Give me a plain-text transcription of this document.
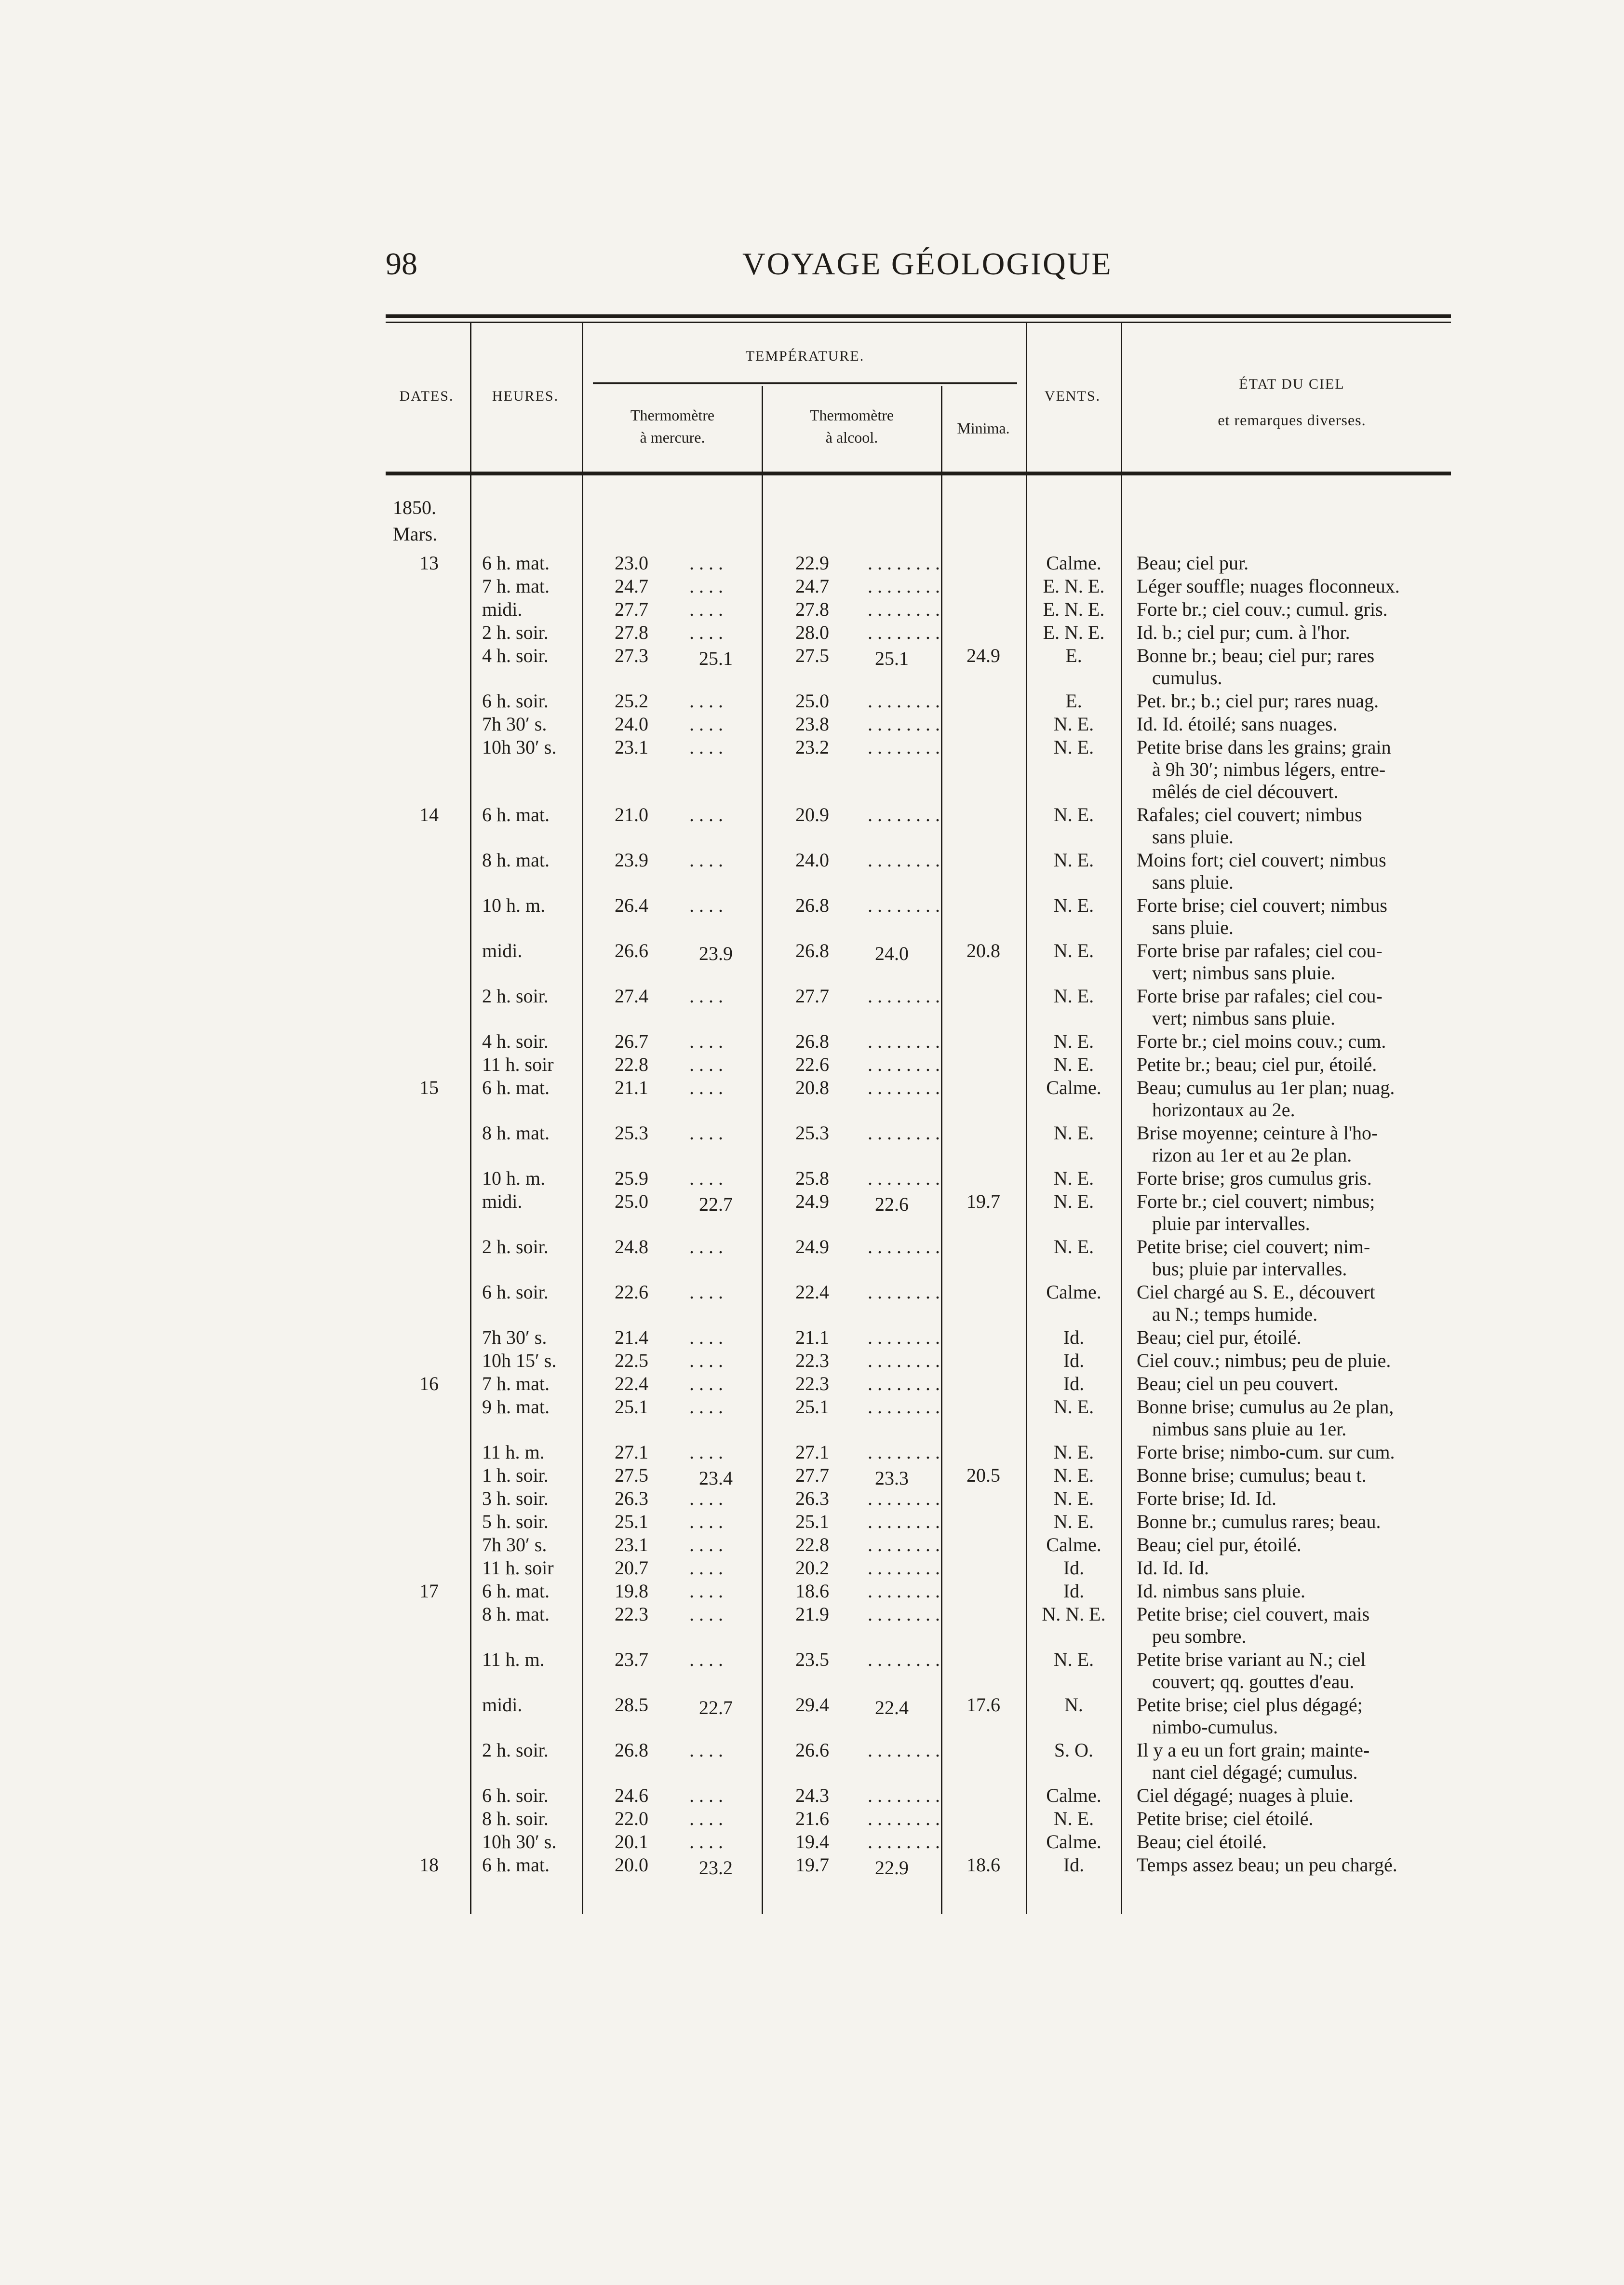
98	VOYAGE GÉOLOGIQUE
DATES.	HEURES.
TEMPÉRATURE.
Thermomètre
à mercure.
Thermomètre
à alcool.
Minima.
VENTS.
ÉTAT DU CIEL
et remarques diverses.
1850.
Mars.
13 6 h. mat.	23.0 ....	22.9 ........	Calme.	Beau; ciel pur.
7 h. mat.	24.7 ....	24.7 ........	E. N. E.	Léger souffle; nuages floconneux.
midi.	27.7 ....	27.8 ........	E. N. E.	Forte br.; ciel couv.; cumul. gris.
2 h. soir.	27.8 ....	28.0 ........	E. N. E.	Id. b.; ciel pur; cum. à l'hor.
4 h. soir.	27.3	25.1	27.5	25.1	24.9	E.	Bonne br.; beau; ciel pur; rares
cumulus.
6 h. soir.	25.2 ....	25.0 ........	E.	Pet. br.; b.; ciel pur; rares nuag.
7h 30′ s.	24.0 ....	23.8 ........	N. E.	Id. Id. étoilé; sans nuages.
10h 30′ s.	23.1 ....	23.2 ........	N. E.	Petite brise dans les grains; grain
à 9h 30′; nimbus légers, entre-
mêlés de ciel découvert.
14 6 h. mat.	21.0 ....	20.9 ........	N. E.	Rafales; ciel couvert; nimbus
sans pluie.
8 h. mat.	23.9 ....	24.0 ........	N. E.	Moins fort; ciel couvert; nimbus
sans pluie.
10 h. m.	26.4 ....	26.8 ........	N. E.	Forte brise; ciel couvert; nimbus
sans pluie.
midi.	26.6	23.9	26.8	24.0	20.8	N. E.	Forte brise par rafales; ciel cou-
vert; nimbus sans pluie.
2 h. soir.	27.4 ....	27.7 ........	N. E.	Forte brise par rafales; ciel cou-
vert; nimbus sans pluie.
4 h. soir.	26.7 ....	26.8 ........	N. E.	Forte br.; ciel moins couv.; cum.
11 h. soir	22.8 ....	22.6 ........	N. E.	Petite br.; beau; ciel pur, étoilé.
15 6 h. mat.	21.1 ....	20.8 ........	Calme.	Beau; cumulus au 1er plan; nuag.
horizontaux au 2e.
8 h. mat.	25.3 ....	25.3 ........	N. E.	Brise moyenne; ceinture à l'ho-
rizon au 1er et au 2e plan.
10 h. m.	25.9 ....	25.8 ........	N. E.	Forte brise; gros cumulus gris.
midi.	25.0	22.7	24.9	22.6	19.7	N. E.	Forte br.; ciel couvert; nimbus;
pluie par intervalles.
2 h. soir.	24.8 ....	24.9 ........	N. E.	Petite brise; ciel couvert; nim-
bus; pluie par intervalles.
6 h. soir.	22.6 ....	22.4 ........	Calme.	Ciel chargé au S. E., découvert
au N.; temps humide.
7h 30′ s.	21.4 ....	21.1 ........	Id.	Beau; ciel pur, étoilé.
10h 15′ s.	22.5 ....	22.3 ........	Id.	Ciel couv.; nimbus; peu de pluie.
16 7 h. mat.	22.4 ....	22.3 ........	Id.	Beau; ciel un peu couvert.
9 h. mat.	25.1 ....	25.1 ........	N. E.	Bonne brise; cumulus au 2e plan,
nimbus sans pluie au 1er.
11 h. m.	27.1 ....	27.1 ........	N. E.	Forte brise; nimbo-cum. sur cum.
1 h. soir.	27.5	23.4	27.7	23.3	20.5	N. E.	Bonne brise; cumulus; beau t.
3 h. soir.	26.3 ....	26.3 ........	N. E.	Forte brise; Id. Id.
5 h. soir.	25.1 ....	25.1 ........	N. E.	Bonne br.; cumulus rares; beau.
7h 30′ s.	23.1 ....	22.8 ........	Calme.	Beau; ciel pur, étoilé.
11 h. soir	20.7 ....	20.2 ........	Id.	Id. Id. Id.
17 6 h. mat.	19.8 ....	18.6 ........	Id.	Id. nimbus sans pluie.
8 h. mat.	22.3 ....	21.9 ........	N. N. E.	Petite brise; ciel couvert, mais
peu sombre.
11 h. m.	23.7 ....	23.5 ........	N. E.	Petite brise variant au N.; ciel
couvert; qq. gouttes d'eau.
midi.	28.5	22.7	29.4	22.4	17.6	N.	Petite brise; ciel plus dégagé;
nimbo-cumulus.
2 h. soir.	26.8 ....	26.6 ........	S. O.	Il y a eu un fort grain; mainte-
nant ciel dégagé; cumulus.
6 h. soir.	24.6 ....	24.3 ........	Calme.	Ciel dégagé; nuages à pluie.
8 h. soir.	22.0 ....	21.6 ........	N. E.	Petite brise; ciel étoilé.
10h 30′ s.	20.1 ....	19.4 ........	Calme.	Beau; ciel étoilé.
18 6 h. mat.	20.0	23.2	19.7	22.9	18.6	Id.	Temps assez beau; un peu chargé.
